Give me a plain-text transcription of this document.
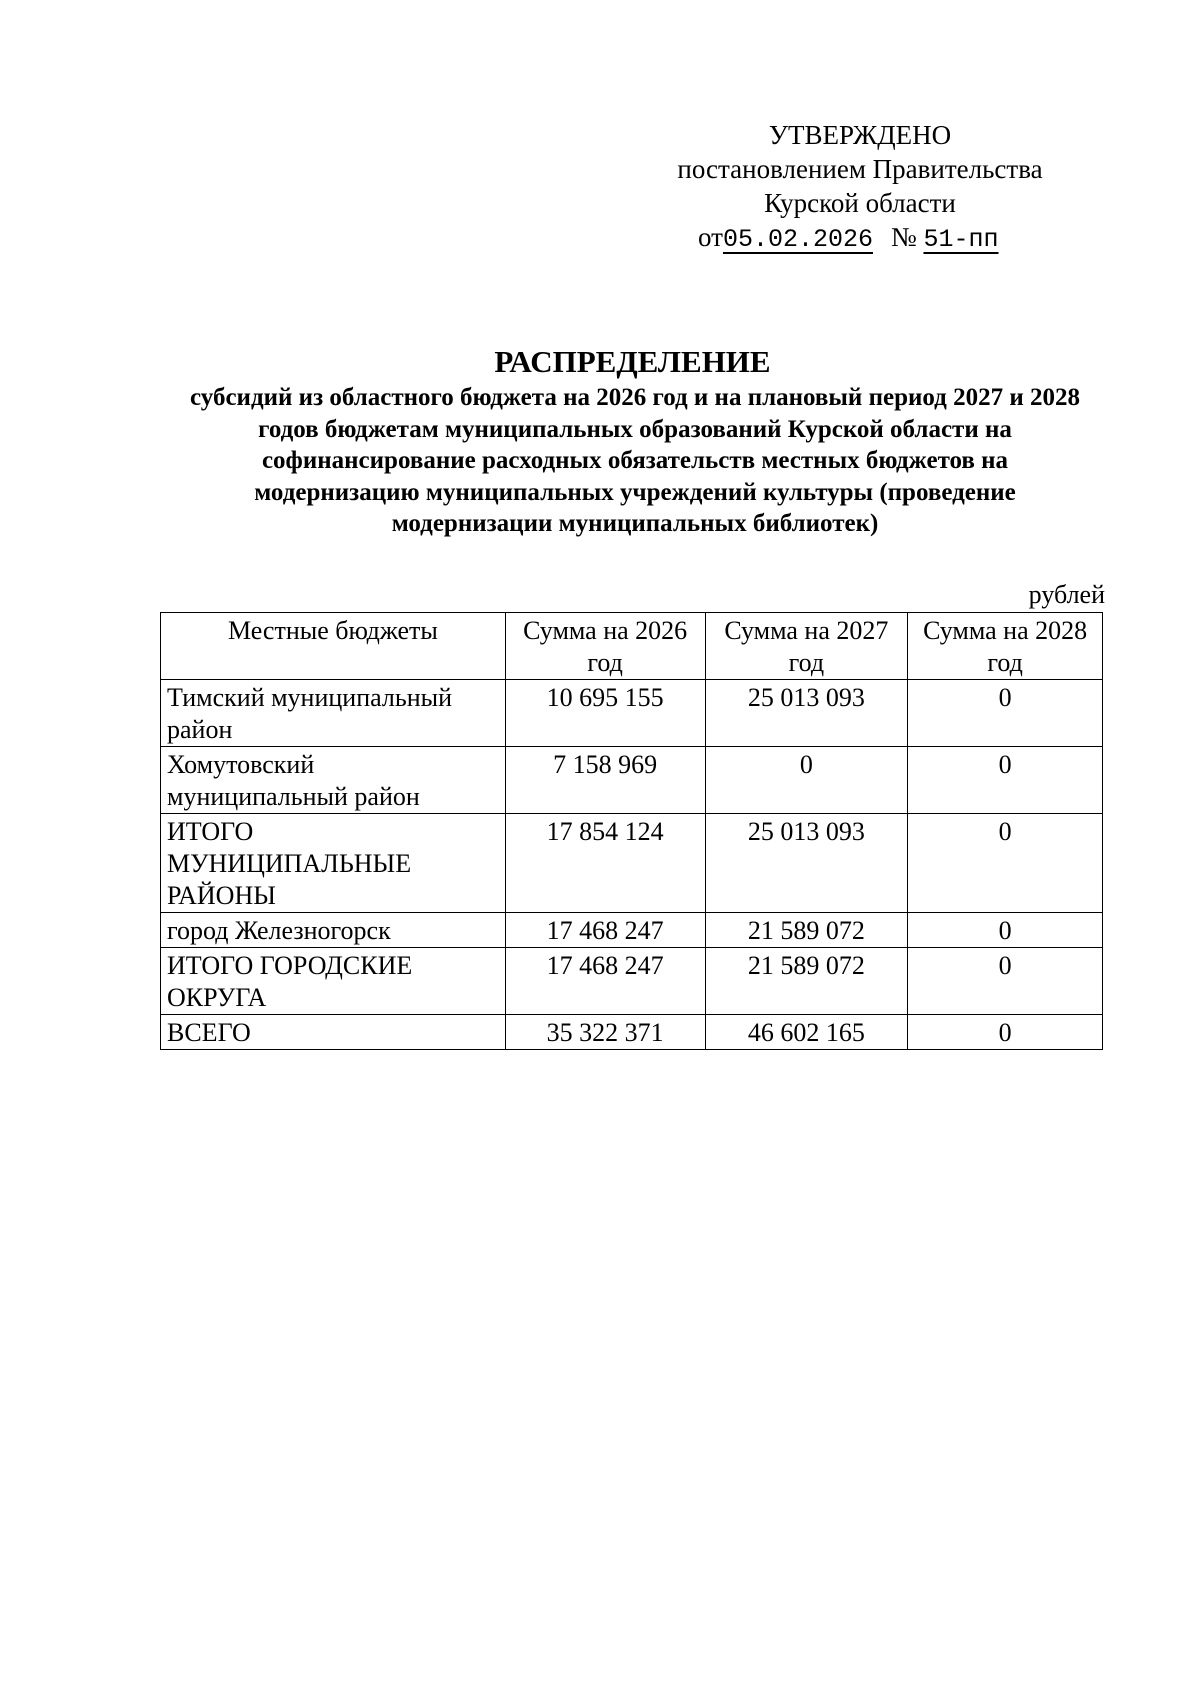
УТВЕРЖДЕНО
постановлением Правительства
Курской области
от05.02.2026 № 51-пп
РАСПРЕДЕЛЕНИЕ
субсидий из областного бюджета на 2026 год и на плановый период 2027 и 2028 годов бюджетам муниципальных образований Курской области на софинансирование расходных обязательств местных бюджетов на модернизацию муниципальных учреждений культуры (проведение модернизации муниципальных библиотек)
рублей
Местные бюджеты	Сумма на 2026 год	Сумма на 2027 год	Сумма на 2028 год
Тимский муниципальный район	10 695 155	25 013 093	0
Хомутовский муниципальный район	7 158 969	0	0
ИТОГО МУНИЦИПАЛЬНЫЕ РАЙОНЫ	17 854 124	25 013 093	0
город Железногорск	17 468 247	21 589 072	0
ИТОГО ГОРОДСКИЕ ОКРУГА	17 468 247	21 589 072	0
ВСЕГО	35 322 371	46 602 165	0
